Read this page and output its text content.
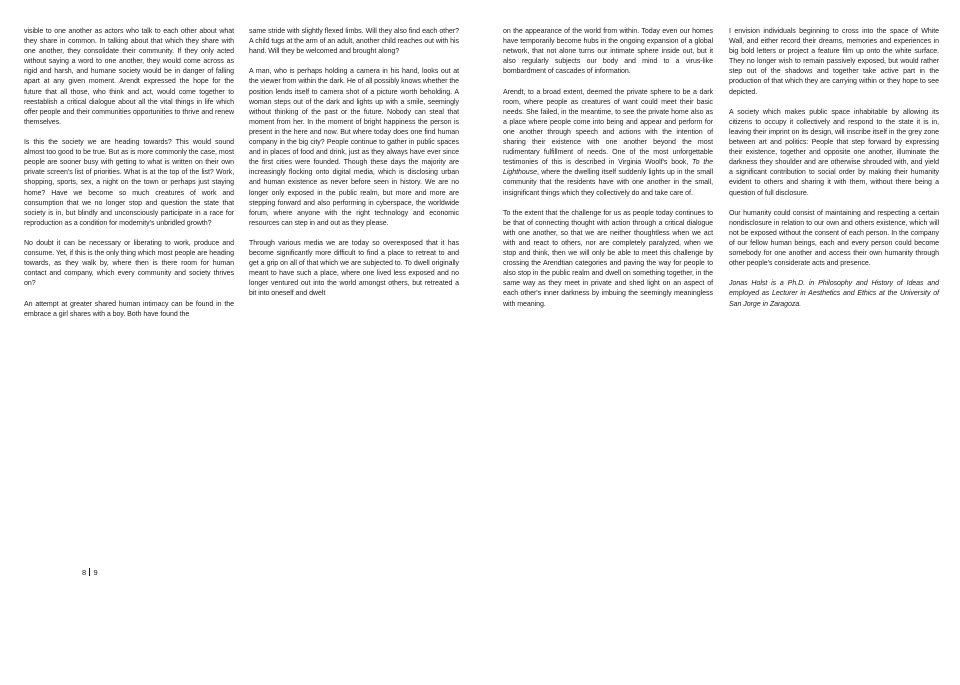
visible to one another as actors who talk to each other about what they share in common. In talking about that which they share with one another, they consolidate their community. If they only acted without saying a word to one another, they would come across as rigid and harsh, and humane society would be in danger of falling apart at any given moment. Arendt expressed the hope for the future that all those, who think and act, would come together to reestablish a critical dialogue about all the vital things in life which offer people and their communities opportunities to thrive and renew themselves.

Is this the society we are heading towards? This would sound almost too good to be true. But as is more commonly the case, most people are sooner busy with getting to what is written on their own private screen's list of priorities. What is at the top of the list? Work, shopping, sports, sex, a night on the town or perhaps just staying home? Have we become so much creatures of work and consumption that we no longer stop and question the state that society is in, but blindly and unconsciously participate in a race for reproduction as a condition for modernity's unbridled growth?

No doubt it can be necessary or liberating to work, produce and consume. Yet, if this is the only thing which most people are heading towards, as they walk by, where then is there room for human contact and company, which every community and society thrives on?

An attempt at greater shared human intimacy can be found in the embrace a girl shares with a boy. Both have found the

same stride with slightly flexed limbs. Will they also find each other? A child tugs at the arm of an adult, another child reaches out with his hand. Will they be welcomed and brought along?

A man, who is perhaps holding a camera in his hand, looks out at the viewer from within the dark. He of all possibly knows whether the position lends itself to camera shot of a picture worth beholding. A woman steps out of the dark and lights up with a smile, seemingly without thinking of the past or the future. Nobody can steal that moment from her. In the moment of bright happiness the person is present in the here and now. But where today does one find human company in the big city? People continue to gather in public spaces and in places of food and drink, just as they always have ever since the first cities were founded. Though these days the majority are increasingly flocking onto digital media, which is disclosing urban and human existence as never before seen in history. We are no longer only exposed in the public realm, but more and more are stepping forward and also performing in cyberspace, the worldwide forum, where anyone with the right technology and economic resources can step in and out as they please.

Through various media we are today so overexposed that it has become significantly more difficult to find a place to retreat to and get a grip on all of that which we are subjected to. To dwell originally meant to have such a place, where one lived less exposed and no longer ventured out into the world amongst others, but retreated a bit into oneself and dwelt

on the appearance of the world from within. Today even our homes have temporarily become hubs in the ongoing expansion of a global network, that not alone turns our intimate sphere inside out, but it also regularly subjects our body and mind to a virus-like bombardment of cascades of information.

Arendt, to a broad extent, deemed the private sphere to be a dark room, where people as creatures of want could meet their basic needs. She failed, in the meantime, to see the private home also as a place where people come into being and appear and perform for one another through speech and actions with the intention of sharing their existence with one another beyond the most rudimentary fulfillment of needs. One of the most unforgettable testimonies of this is described in Virginia Woolf's book, To the Lighthouse, where the dwelling itself suddenly lights up in the small community that the residents have with one another in the small, insignificant things which they collectively do and take care of.

To the extent that the challenge for us as people today continues to be that of connecting thought with action through a critical dialogue with one another, so that we are neither thoughtless when we act with and react to others, nor are completely paralyzed, when we stop and think, then we will only be able to meet this challenge by crossing the Arendtian categories and paving the way for people to also stop in the public realm and dwell on something together, in the same way as they meet in private and shed light on an aspect of each other's inner darkness by imbuing the seemingly meaningless with meaning.

I envision individuals beginning to cross into the space of White Wall, and either record their dreams, memories and experiences in big bold letters or project a feature film up onto the white surface. They no longer wish to remain passively exposed, but would rather step out of the shadows and together take active part in the production of that which they are carrying within or they hope to see depicted.

A society which makes public space inhabitable by allowing its citizens to occupy it collectively and respond to the state it is in, leaving their imprint on its design, will inscribe itself in the grey zone between art and politics: People that step forward by expressing their existence, together and opposite one another, illuminate the darkness they shoulder and are otherwise shrouded with, and yield a significant contribution to social order by making their humanity evident to others and sharing it with them, without there being a question of full disclosure.

Our humanity could consist of maintaining and respecting a certain nondisclosure in relation to our own and others existence, which will not be exposed without the consent of each person. In the company of our fellow human beings, each and every person could become somebody for one another and access their own humanity through other people's considerate acts and presence.

Jonas Holst is a Ph.D. in Philosophy and History of Ideas and employed as Lecturer in Aesthetics and Ethics at the University of San Jorge in Zaragoza.

8 9
